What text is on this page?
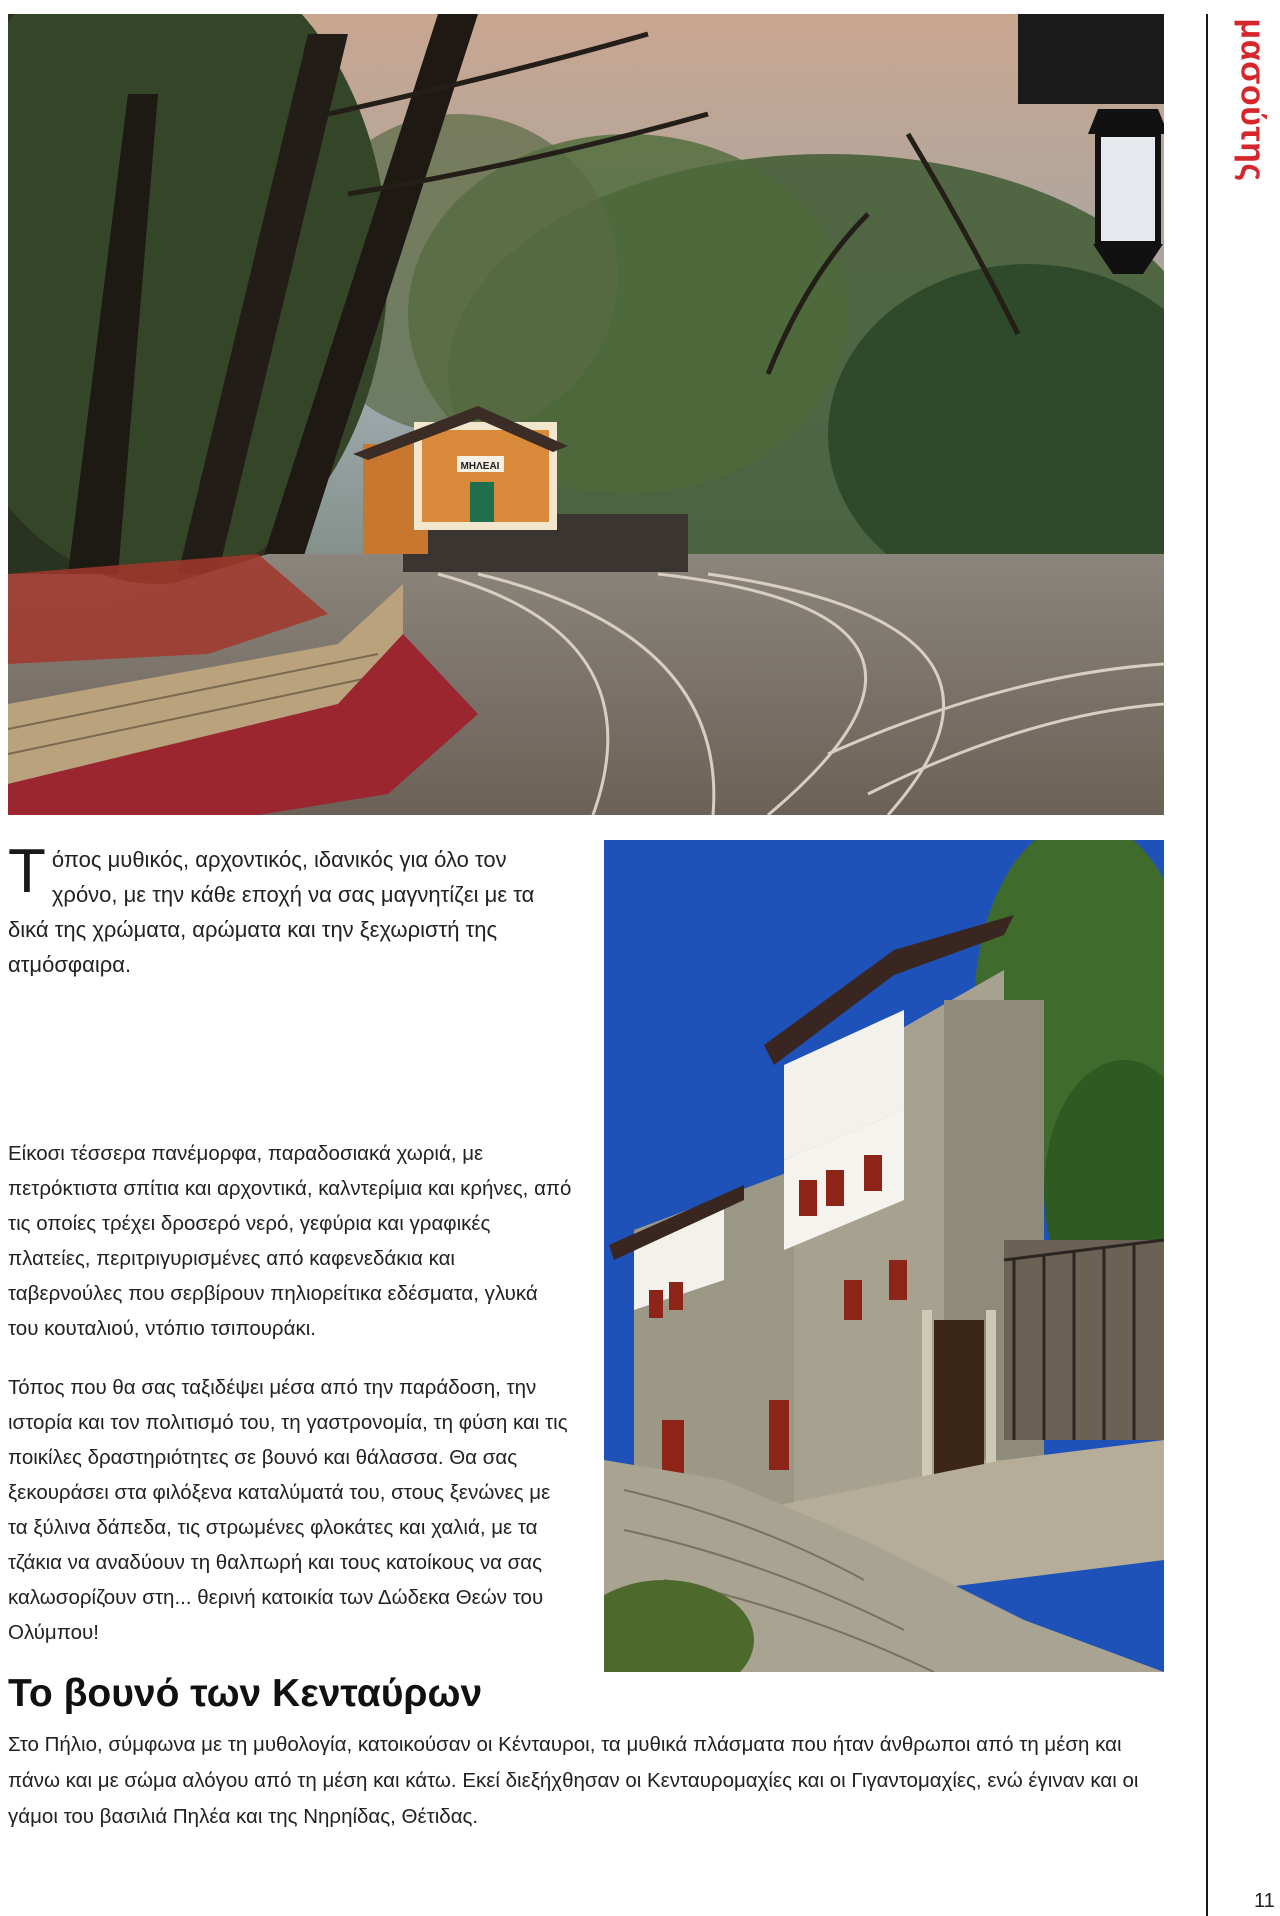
ΜΗΛΕΑΙ
Τόπος μυθικός, αρχοντικός, ιδανικός για όλο τον χρόνο, με την κάθε εποχή να σας μαγνητίζει με τα δικά της χρώματα, αρώματα και την ξεχωριστή της ατμόσφαιρα.

Είκοσι τέσσερα πανέμορφα, παραδοσιακά χωριά, με πετρόκτιστα σπίτια και αρχοντικά, καλντερίμια και κρήνες, από τις οποίες τρέχει δροσερό νερό, γεφύρια και γραφικές πλατείες, περιτριγυρισμένες από καφενεδάκια και ταβερνούλες που σερβίρουν πηλιορείτικα εδέσματα, γλυκά του κουταλιού, ντόπιο τσιπουράκι.

Τόπος που θα σας ταξιδέψει μέσα από την παράδοση, την ιστορία και τον πολιτισμό του, τη γαστρονομία, τη φύση και τις ποικίλες δραστηριότητες σε βουνό και θάλασσα. Θα σας ξεκουράσει στα φιλόξενα καταλύματά του, στους ξενώνες με τα ξύλινα δάπεδα, τις στρωμένες φλοκάτες και χαλιά, με τα τζάκια να αναδύουν τη θαλπωρή και τους κατοίκους να σας καλωσορίζουν στη... θερινή κατοικία των Δώδεκα Θεών του Ολύμπου!

Το βουνό των Κενταύρων

Στο Πήλιο, σύμφωνα με τη μυθολογία, κατοικούσαν οι Κένταυροι, τα μυθικά πλάσματα που ήταν άνθρωποι από τη μέση και πάνω και με σώμα αλόγου από τη μέση και κάτω. Εκεί διεξήχθησαν οι Κενταυρομαχίες και οι Γιγαντομαχίες, ενώ έγιναν και οι γάμοι του βασιλιά Πηλέα και της Νηρηίδας, Θέτιδας.

μασούτης
11
